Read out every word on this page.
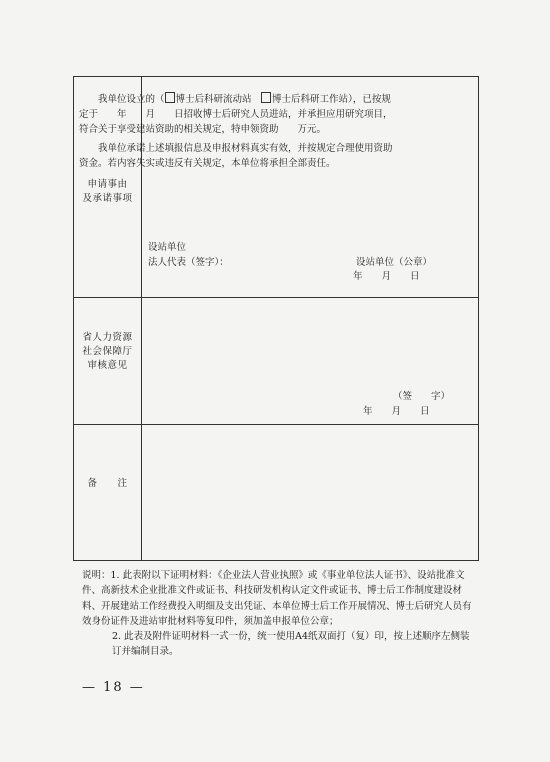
申请事由
及承诺事项
省人力资源
社会保障厅
审核意见
备　　注
我单位设立的（ 博士后科研流动站　 博士后科研工作站），已按规定于　　年　　月　　日招收博士后研究人员进站，并承担应用研究项目，符合关于享受建站资助的相关规定，特申领资助　　万元。
我单位承诺上述填报信息及申报材料真实有效，并按规定合理使用资助资金。若内容失实或违反有关规定，本单位将承担全部责任。
设站单位
法人代表（签字）：	设站单位（公章）
年　　月　　日
（签　　字）
年　　月　　日

说明：1. 此表附以下证明材料：《企业法人营业执照》或《事业单位法人证书》、设站批准文件、高新技术企业批准文件或证书、科技研发机构认定文件或证书、博士后工作制度建设材料、开展建站工作经费投入明细及支出凭证、本单位博士后工作开展情况、博士后研究人员有效身份证件及进站审批材料等复印件，须加盖申报单位公章；

2. 此表及附件证明材料一式一份，统一使用A4纸双面打（复）印，按上述顺序左侧装订并编制目录。

— 18 —
